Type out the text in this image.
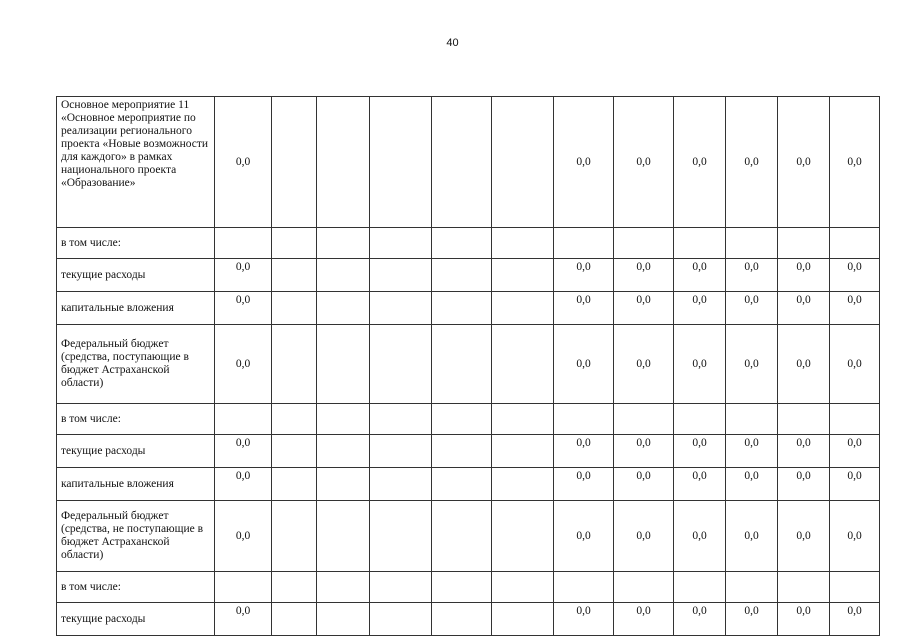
40
Основное мероприятие 11 «Основное мероприятие по реализации регионального проекта «Новые возможности для каждого» в рамках национального проекта «Образование»	0,0						0,0	0,0	0,0	0,0	0,0	0,0
в том числе:												
текущие расходы	0,0						0,0	0,0	0,0	0,0	0,0	0,0
капитальные вложения	0,0						0,0	0,0	0,0	0,0	0,0	0,0
Федеральный бюджет (средства, поступающие в бюджет Астраханской области)	0,0						0,0	0,0	0,0	0,0	0,0	0,0
в том числе:												
текущие расходы	0,0						0,0	0,0	0,0	0,0	0,0	0,0
капитальные вложения	0,0						0,0	0,0	0,0	0,0	0,0	0,0
Федеральный бюджет (средства, не поступающие в бюджет Астраханской области)	0,0						0,0	0,0	0,0	0,0	0,0	0,0
в том числе:												
текущие расходы	0,0						0,0	0,0	0,0	0,0	0,0	0,0
